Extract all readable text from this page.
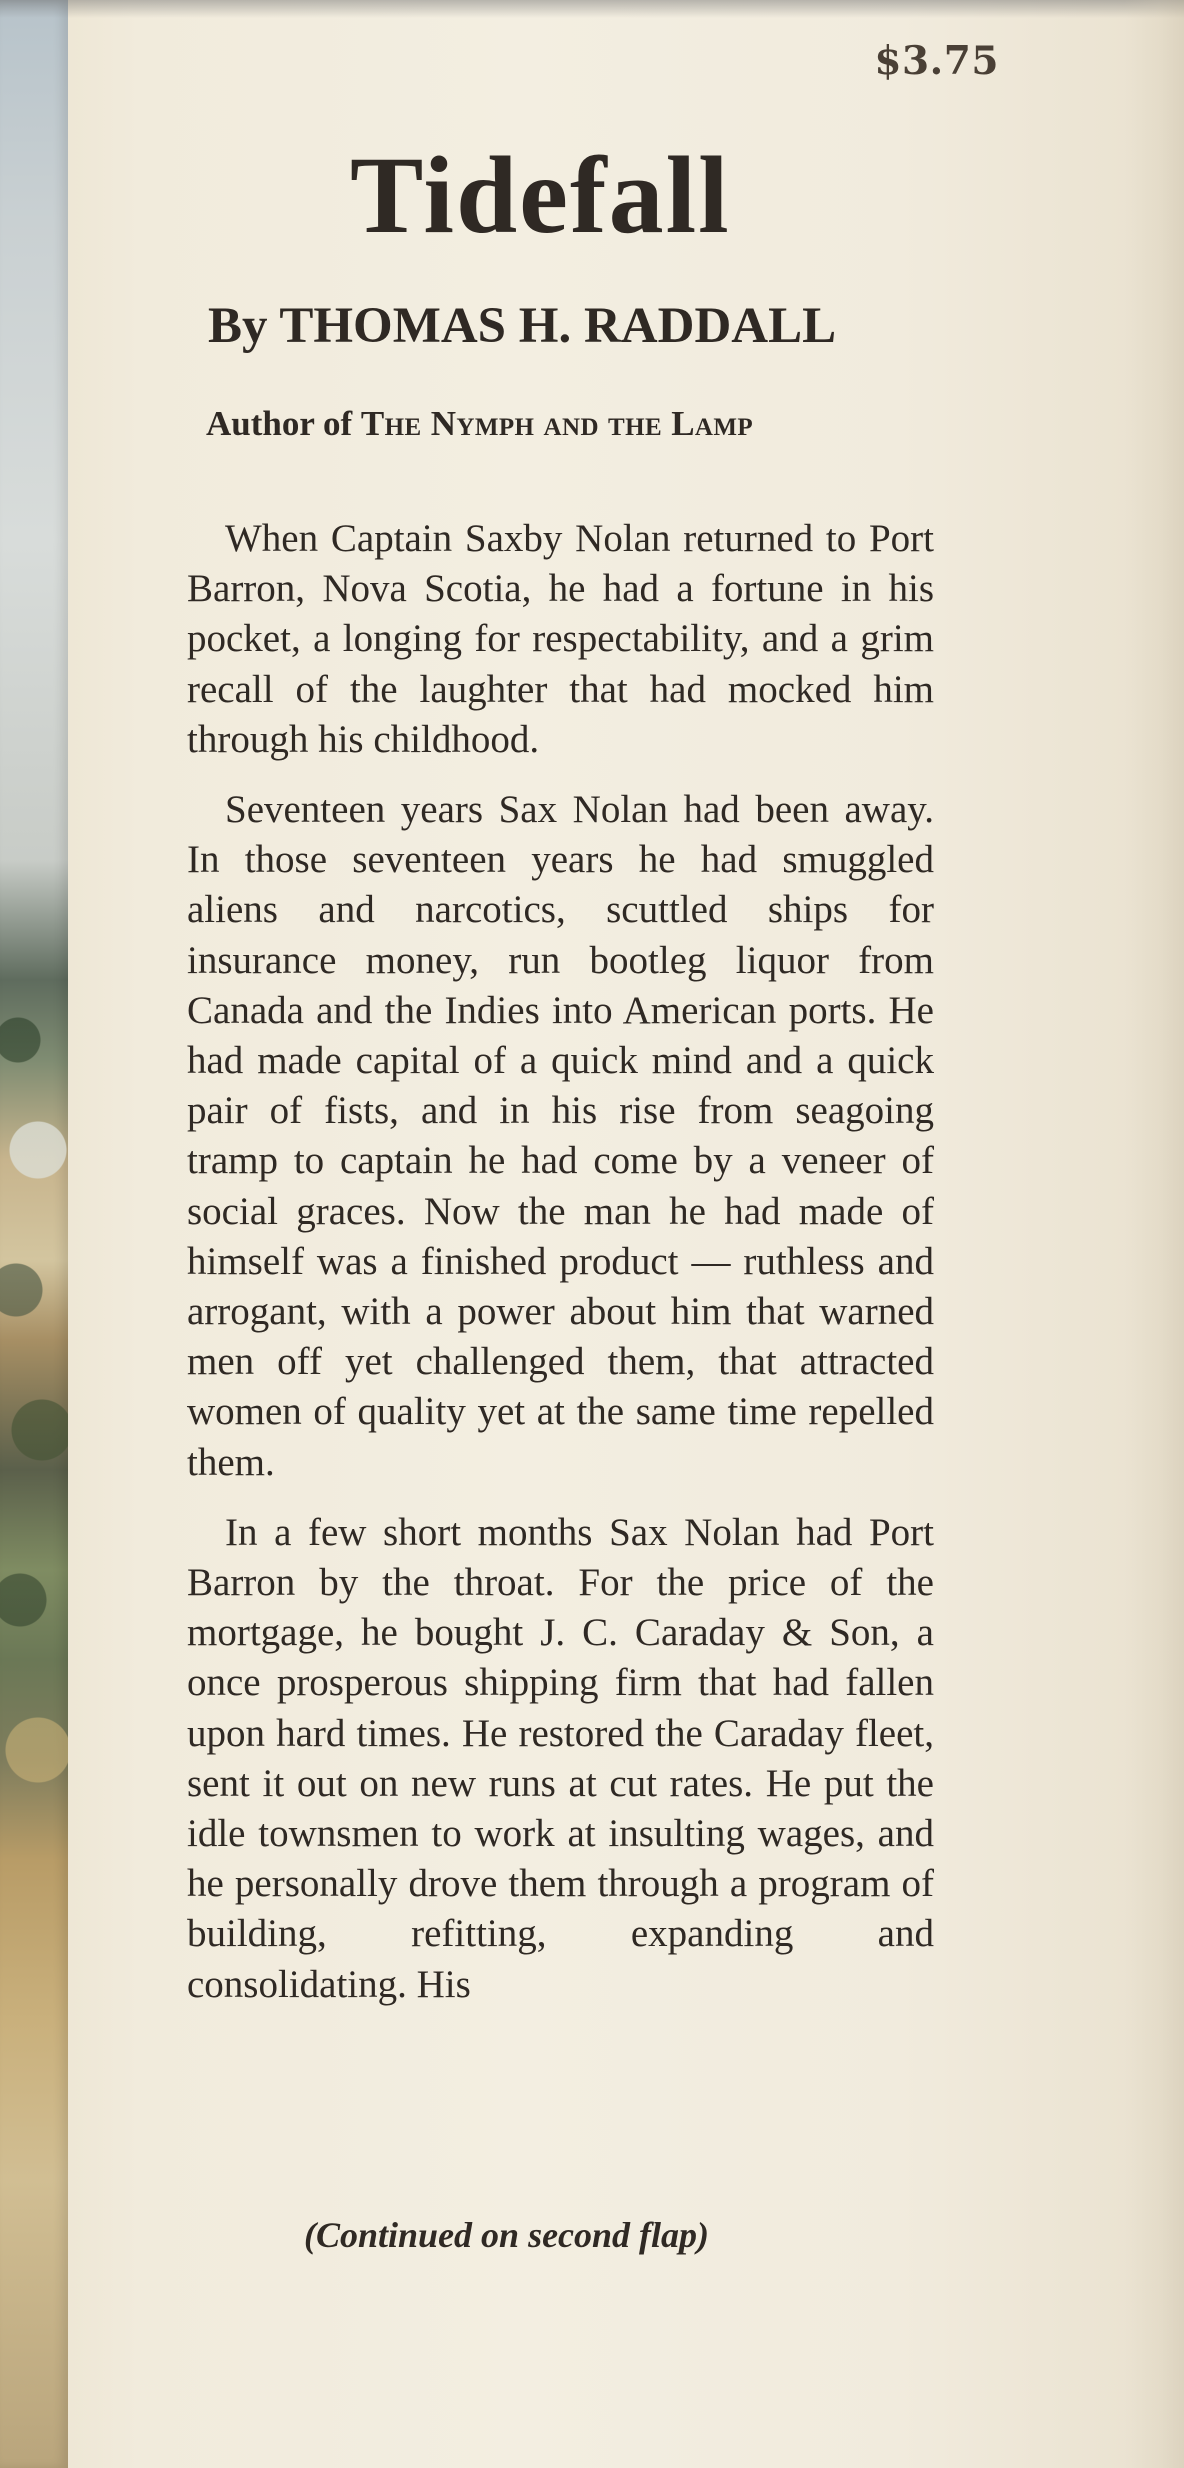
$3.75
Tidefall
By THOMAS H. RADDALL
Author of The Nymph and the Lamp

When Captain Saxby Nolan returned to Port Barron, Nova Scotia, he had a fortune in his pocket, a longing for respectability, and a grim recall of the laughter that had mocked him through his childhood.

Seventeen years Sax Nolan had been away. In those seventeen years he had smuggled aliens and narcotics, scuttled ships for insurance money, run bootleg liquor from Canada and the Indies into American ports. He had made capital of a quick mind and a quick pair of fists, and in his rise from seagoing tramp to captain he had come by a veneer of social graces. Now the man he had made of himself was a finished product — ruthless and arrogant, with a power about him that warned men off yet challenged them, that attracted women of quality yet at the same time repelled them.

In a few short months Sax Nolan had Port Barron by the throat. For the price of the mortgage, he bought J. C. Caraday & Son, a once prosperous shipping firm that had fallen upon hard times. He restored the Caraday fleet, sent it out on new runs at cut rates. He put the idle townsmen to work at insulting wages, and he personally drove them through a program of building, refitting, expanding and consolidating. His

(Continued on second flap)
